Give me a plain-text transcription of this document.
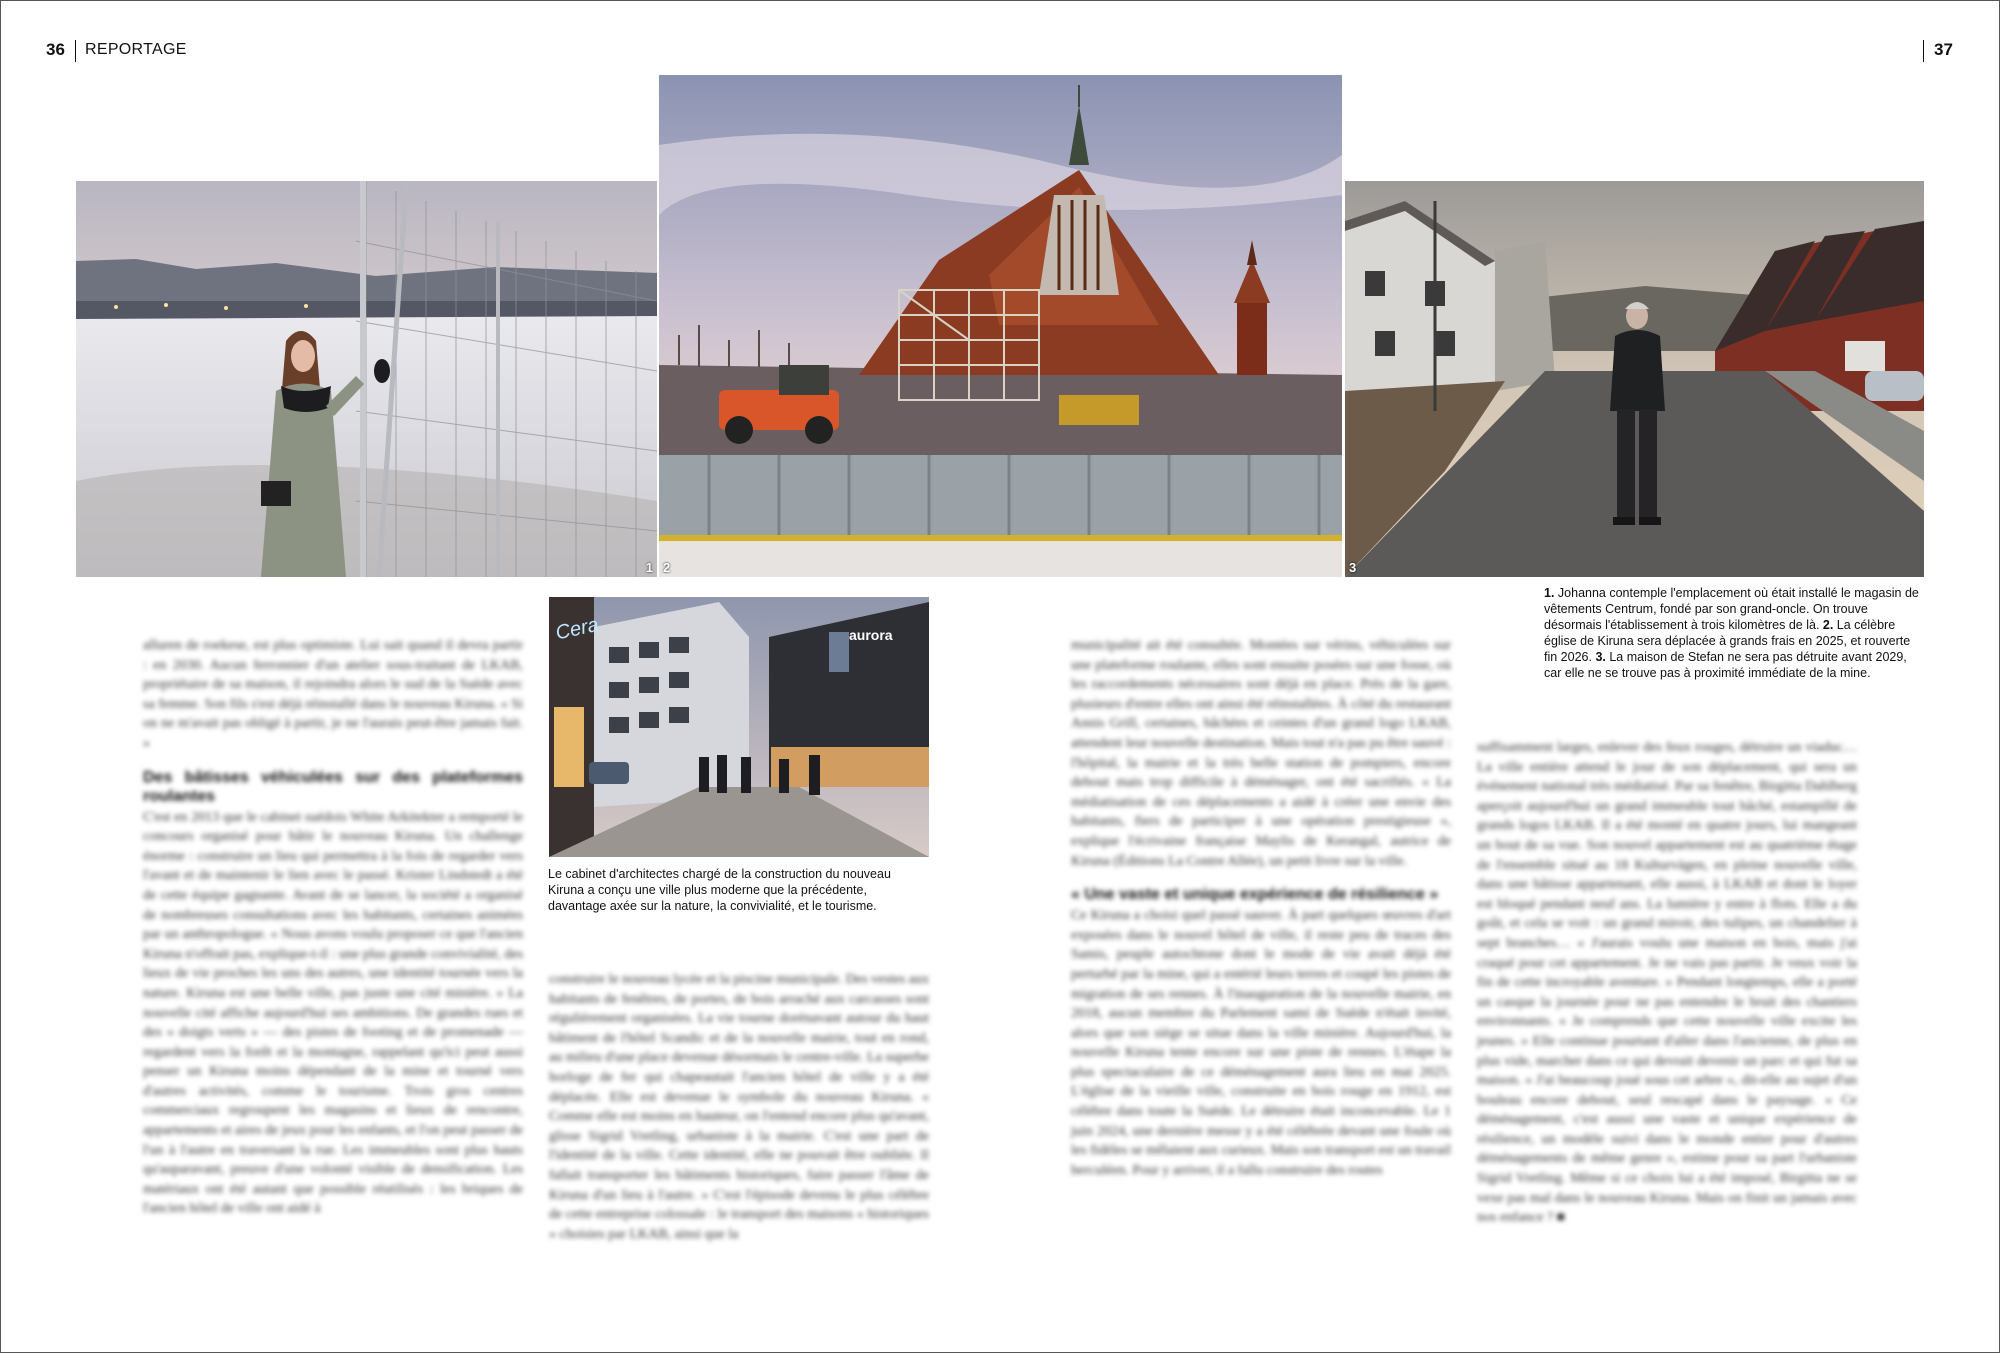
36 REPORTAGE	37
1 2	3
1. Johanna contemple l'emplacement où était installé le magasin de vêtements Centrum, fondé par son grand-oncle. On trouve désormais l'établissement à trois kilomètres de là. 2. La célèbre église de Kiruna sera déplacée à grands frais en 2025, et rouverte fin 2026. 3. La maison de Stefan ne sera pas détruite avant 2029, car elle ne se trouve pas à proximité immédiate de la mine.
aurora
Cera
Le cabinet d'architectes chargé de la construction du nouveau Kiruna a conçu une ville plus moderne que la précédente, davantage axée sur la nature, la convivialité, et le tourisme.

alluren de roekese, est plus optimiste. Lui sait quand il devra partir : en 2030. Aucun ferronnier d'un atelier sous-traitant de LKAB, propriétaire de sa maison, il rejoindra alors le sud de la Suède avec sa femme. Son fils s'est déjà réinstallé dans le nouveau Kiruna. « Si on ne m'avait pas obligé à partir, je ne l'aurais peut-être jamais fait. »

Des bâtisses véhiculées sur des plateformes roulantes

C'est en 2013 que le cabinet suédois White Arkitekter a remporté le concours organisé pour bâtir le nouveau Kiruna. Un challenge énorme : construire un lieu qui permettra à la fois de regarder vers l'avant et de maintenir le lien avec le passé. Krister Lindstedt a été de cette équipe gagnante. Avant de se lancer, la société a organisé de nombreuses consultations avec les habitants, certaines animées par un anthropologue. « Nous avons voulu proposer ce que l'ancien Kiruna n'offrait pas, explique-t-il : une plus grande convivialité, des lieux de vie proches les uns des autres, une identité tournée vers la nature. Kiruna est une belle ville, pas juste une cité minière. » La nouvelle cité affiche aujourd'hui ses ambitions. De grandes rues et des « doigts verts » — des pistes de footing et de promenade — regardent vers la forêt et la montagne, rappelant qu'ici peut aussi penser un Kiruna moins dépendant de la mine et tourné vers d'autres activités, comme le tourisme. Trois gros centres commerciaux regroupent les magasins et lieux de rencontre, appartements et aires de jeux pour les enfants, et l'on peut passer de l'un à l'autre en traversant la rue. Les immeubles sont plus hauts qu'auparavant, preuve d'une volonté visible de densification. Les matériaux ont été autant que possible réutilisés : les briques de l'ancien hôtel de ville ont aidé à

construire le nouveau lycée et la piscine municipale. Des vestes aux habitants de fenêtres, de portes, de bois arraché aux carcasses sont régulièrement organisées. La vie tourne dorénavant autour du haut bâtiment de l'hôtel Scandic et de la nouvelle mairie, tout en rond, au milieu d'une place devenue désormais le centre-ville. La superbe horloge de fer qui chapeautait l'ancien hôtel de ville y a été déplacée. Elle est devenue le symbole du nouveau Kiruna. « Comme elle est moins en hauteur, on l'entend encore plus qu'avant, glisse Sigrid Vretling, urbaniste à la mairie. C'est une part de l'identité de la ville. Cette identité, elle ne pouvait être oubliée. Il fallait transporter les bâtiments historiques, faire passer l'âme de Kiruna d'un lieu à l'autre. » C'est l'épisode devenu le plus célèbre de cette entreprise colossale : le transport des maisons « historiques » choisies par LKAB, ainsi que la

municipalité ait été consultée. Montées sur vérins, véhiculées sur une plateforme roulante, elles sont ensuite posées sur une fosse, où les raccordements nécessaires sont déjà en place. Près de la gare, plusieurs d'entre elles ont ainsi été réinstallées. À côté du restaurant Annis Grill, certaines, bâchées et ceintes d'un grand logo LKAB, attendent leur nouvelle destination. Mais tout n'a pas pu être sauvé : l'hôpital, la mairie et la très belle station de pompiers, encore debout mais trop difficile à déménager, ont été sacrifiés. « La médiatisation de ces déplacements a aidé à créer une envie des habitants, fiers de participer à une opération prestigieuse », explique l'écrivaine française Maylis de Kerangal, autrice de Kiruna (Éditions La Contre Allée), un petit livre sur la ville.

« Une vaste et unique expérience de résilience »

Ce Kiruna a choisi quel passé sauver. À part quelques œuvres d'art exposées dans le nouvel hôtel de ville, il reste peu de traces des Samis, peuple autochtone dont le mode de vie avait déjà été perturbé par la mine, qui a entérié leurs terres et coupé les pistes de migration de ses rennes. À l'inauguration de la nouvelle mairie, en 2018, aucun membre du Parlement sami de Suède n'était invité, alors que son siège se situe dans la ville minière. Aujourd'hui, la nouvelle Kiruna tente encore sur une piste de rennes. L'étape la plus spectaculaire de ce déménagement aura lieu en mai 2025. L'église de la vieille ville, construite en bois rouge en 1912, est célèbre dans toute la Suède. Le détruire était inconcevable. Le 1 juin 2024, une dernière messe y a été célébrée devant une foule où les fidèles se mêlaient aux curieux. Mais son transport est un travail herculéen. Pour y arriver, il a fallu construire des routes

suffisamment larges, enlever des feux rouges, détruire un viaduc… La ville entière attend le jour de son déplacement, qui sera un événement national très médiatisé. Par sa fenêtre, Birgitta Dahlberg aperçoit aujourd'hui un grand immeuble tout bâché, estampillé de grands logos LKAB. Il a été monté en quatre jours, lui mangeant un bout de sa vue. Son nouvel appartement est au quatrième étage de l'ensemble situé au 18 Kulturvägen, en pleine nouvelle ville, dans une bâtisse appartenant, elle aussi, à LKAB et dont le loyer est bloqué pendant neuf ans. La lumière y entre à flots. Elle a du goût, et cela se voit : un grand miroir, des tulipes, un chandelier à sept branches… « J'aurais voulu une maison en bois, mais j'ai craqué pour cet appartement. Je ne vais pas partir. Je veux voir la fin de cette incroyable aventure. » Pendant longtemps, elle a porté un casque la journée pour ne pas entendre le bruit des chantiers environnants. « Je comprends que cette nouvelle ville excite les jeunes. » Elle continue pourtant d'aller dans l'ancienne, de plus en plus vide, marcher dans ce qui devrait devenir un parc et qui fut sa maison. « J'ai beaucoup joué sous cet arbre », dit-elle au sujet d'un bouleau encore debout, seul rescapé dans le paysage. « Ce déménagement, c'est aussi une vaste et unique expérience de résilience, un modèle suivi dans le monde entier pour d'autres déménagements de même genre », estime pour sa part l'urbaniste Sigrid Vretling. Même si ce choix lui a été imposé, Birgitta ne se vexe pas mal dans le nouveau Kiruna. Mais on finit un jamais avec nos enfance ? ■
